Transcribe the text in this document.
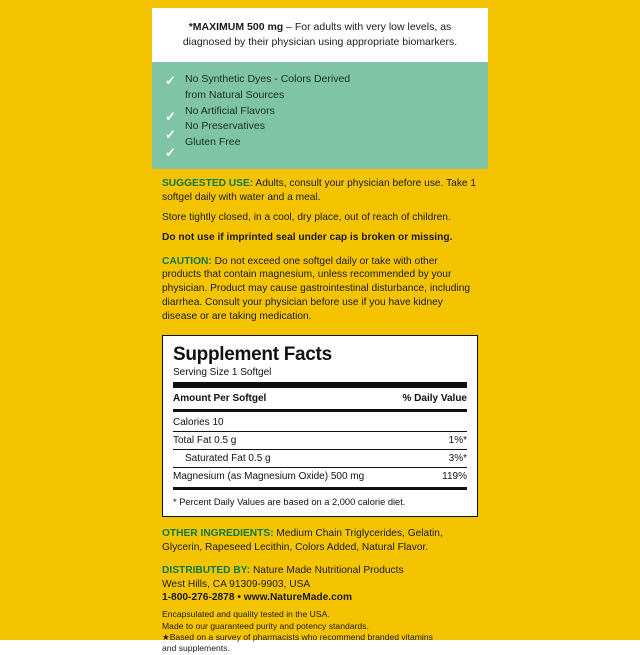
*MAXIMUM 500 mg – For adults with very low levels, as diagnosed by their physician using appropriate biomarkers.
✓
✓
✓
✓
No Synthetic Dyes - Colors Derived
from Natural Sources
No Artificial Flavors
No Preservatives
Gluten Free
SUGGESTED USE: Adults, consult your physician before use. Take 1 softgel daily with water and a meal.
Store tightly closed, in a cool, dry place, out of reach of children.
Do not use if imprinted seal under cap is broken or missing.
CAUTION: Do not exceed one softgel daily or take with other products that contain magnesium, unless recommended by your physician. Product may cause gastrointestinal disturbance, including diarrhea. Consult your physician before use if you have kidney disease or are taking medication.
Supplement Facts
Serving Size 1 Softgel
Amount Per Softgel	% Daily Value
Calories 10
Total Fat 0.5 g	1%*
Saturated Fat 0.5 g	3%*
Magnesium (as Magnesium Oxide) 500 mg	119%
* Percent Daily Values are based on a 2,000 calorie diet.
OTHER INGREDIENTS: Medium Chain Triglycerides, Gelatin, Glycerin, Rapeseed Lecithin, Colors Added, Natural Flavor.
DISTRIBUTED BY: Nature Made Nutritional Products
West Hills, CA 91309-9903, USA
1-800-276-2878 • www.NatureMade.com
Encapsulated and quality tested in the USA.
Made to our guaranteed purity and potency standards.
★Based on a survey of pharmacists who recommend branded vitamins
and supplements.
